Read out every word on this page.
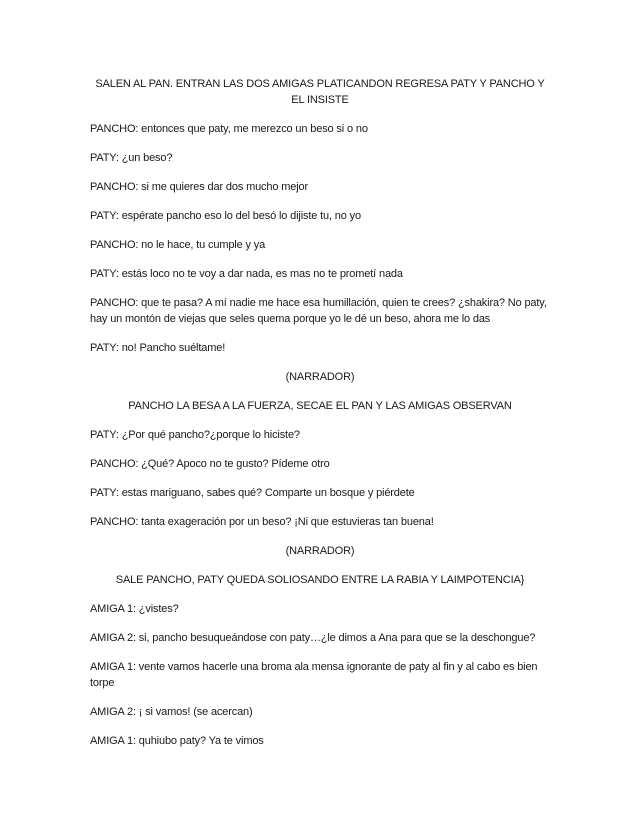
SALEN AL PAN. ENTRAN LAS DOS AMIGAS PLATICANDON REGRESA PATY Y PANCHO Y EL INSISTE

PANCHO: entonces que paty, me merezco un beso si o no

PATY: ¿un beso?

PANCHO: si me quieres dar dos mucho mejor

PATY: espérate pancho eso lo del besó lo dijiste tu, no yo

PANCHO: no le hace, tu cumple y ya

PATY: estás loco no te voy a dar nada, es mas no te prometí nada

PANCHO: que te pasa? A mí nadie me hace esa humillación, quien te crees? ¿shakira? No paty, hay un montón de viejas que seles quema porque yo le dé un beso, ahora me lo das

PATY: no! Pancho suéltame!

(NARRADOR)

PANCHO LA BESA A LA FUERZA, SECAE EL PAN Y LAS AMIGAS OBSERVAN

PATY: ¿Por qué pancho?¿porque lo hiciste?

PANCHO: ¿Qué? Apoco no te gusto? Pídeme otro

PATY: estas mariguano, sabes qué? Comparte un bosque y piérdete

PANCHO: tanta exageración por un beso? ¡Ni que estuvieras tan buena!

(NARRADOR)

SALE PANCHO, PATY QUEDA SOLIOSANDO ENTRE LA RABIA Y LAIMPOTENCIA}

AMIGA 1: ¿vistes?

AMIGA 2: si, pancho besuqueándose con paty…¿le dimos a Ana para que se la deschongue?

AMIGA 1: vente vamos hacerle una broma ala mensa ignorante de paty al fin y al cabo es bien torpe

AMIGA 2: ¡ si vamos! (se acercan)

AMIGA 1: quhiubo paty? Ya te vimos
